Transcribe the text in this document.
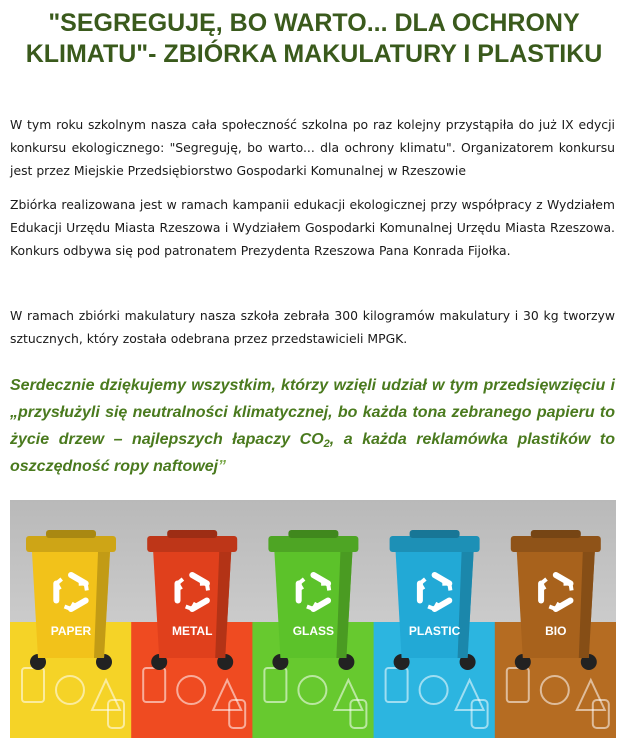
"SEGREGUJĘ, BO WARTO... DLA OCHRONY KLIMATU"- ZBIÓRKA MAKULATURY I PLASTIKU

W tym roku szkolnym nasza cała społeczność szkolna po raz kolejny przystąpiła do już IX edycji konkursu ekologicznego: "Segreguję, bo warto... dla ochrony klimatu". Organizatorem konkursu jest przez Miejskie Przedsiębiorstwo Gospodarki Komunalnej w Rzeszowie

Zbiórka realizowana jest w ramach kampanii edukacji ekologicznej przy współpracy z Wydziałem Edukacji Urzędu Miasta Rzeszowa i Wydziałem Gospodarki Komunalnej Urzędu Miasta Rzeszowa. Konkurs odbywa się pod patronatem Prezydenta Rzeszowa Pana Konrada Fijołka.

W ramach zbiórki makulatury nasza szkoła zebrała 300 kilogramów makulatury i 30 kg tworzyw sztucznych, który została odebrana przez przedstawicieli MPGK.

Serdecznie dziękujemy wszystkim, którzy wzięli udział w tym przedsięwzięciu i „przysłużyli się neutralności klimatycznej, bo każda tona zebranego papieru to życie drzew – najlepszych łapaczy $CO_2$, a każda reklamówka plastików to oszczędność ropy naftowej”

PAPER	METAL	GLASS	PLASTIC	BIO
